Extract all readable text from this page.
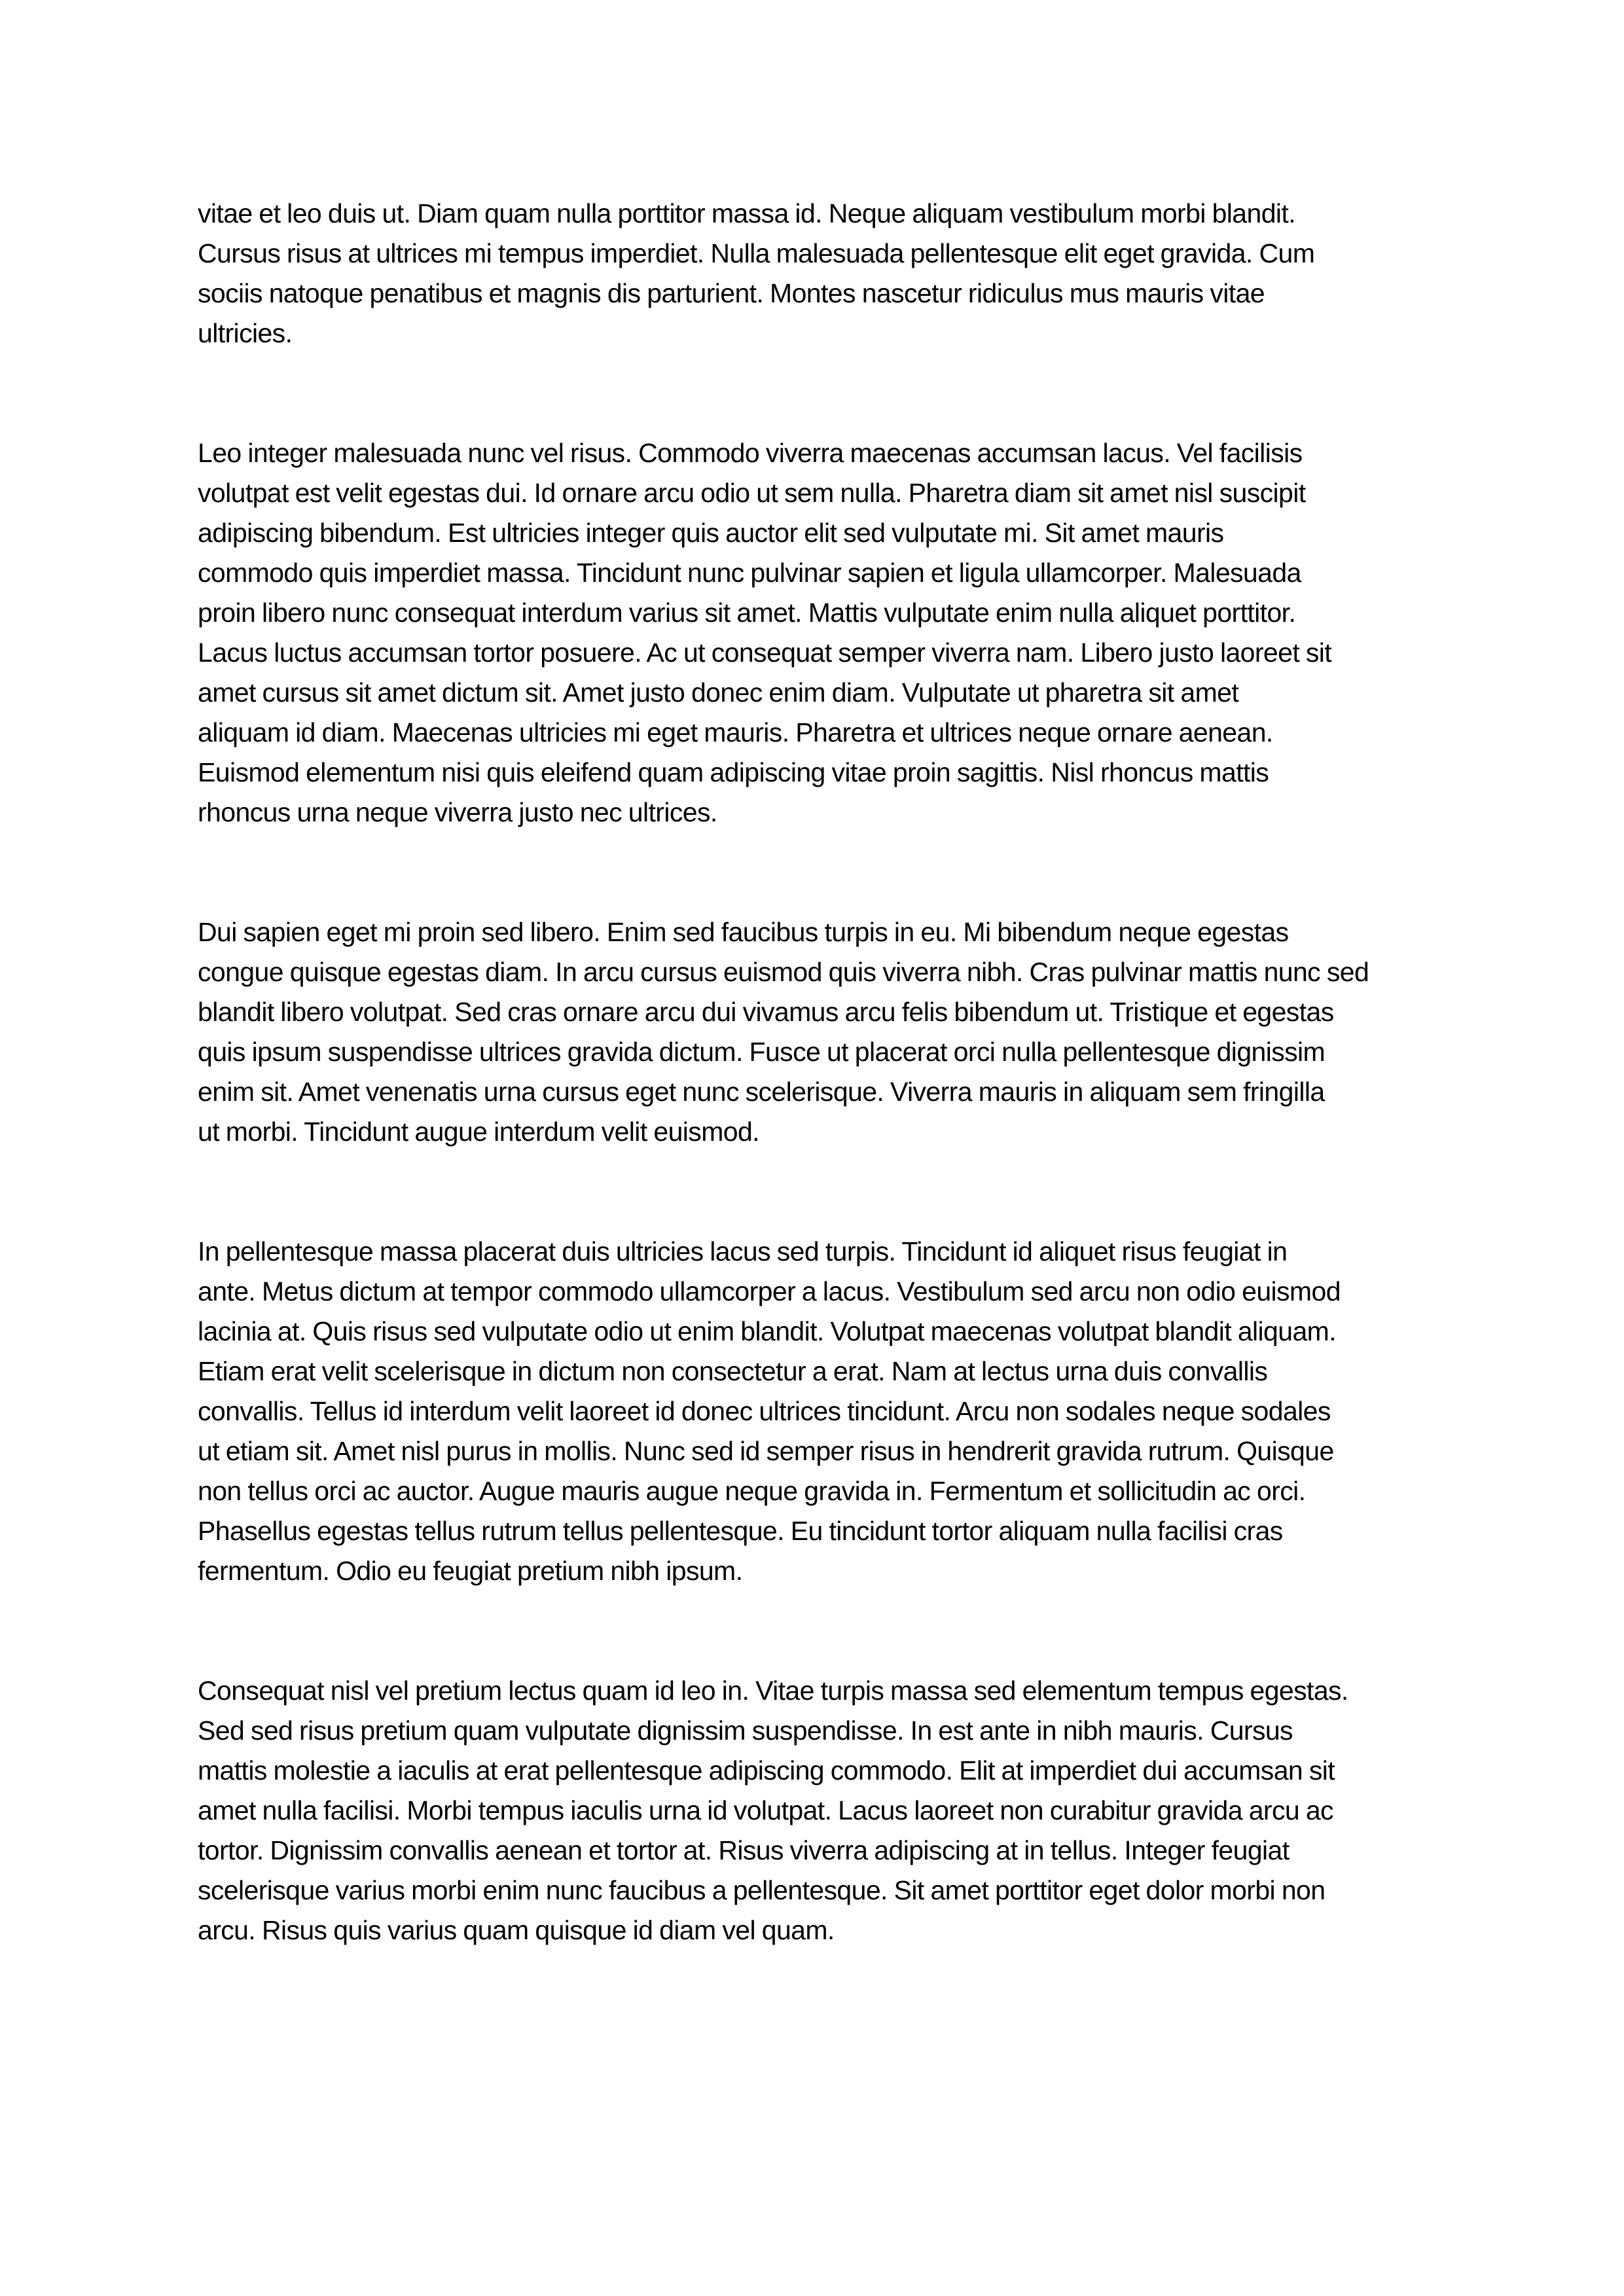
vitae et leo duis ut. Diam quam nulla porttitor massa id. Neque aliquam vestibulum morbi blandit.
Cursus risus at ultrices mi tempus imperdiet. Nulla malesuada pellentesque elit eget gravida. Cum
sociis natoque penatibus et magnis dis parturient. Montes nascetur ridiculus mus mauris vitae
ultricies.

Leo integer malesuada nunc vel risus. Commodo viverra maecenas accumsan lacus. Vel facilisis
volutpat est velit egestas dui. Id ornare arcu odio ut sem nulla. Pharetra diam sit amet nisl suscipit
adipiscing bibendum. Est ultricies integer quis auctor elit sed vulputate mi. Sit amet mauris
commodo quis imperdiet massa. Tincidunt nunc pulvinar sapien et ligula ullamcorper. Malesuada
proin libero nunc consequat interdum varius sit amet. Mattis vulputate enim nulla aliquet porttitor.
Lacus luctus accumsan tortor posuere. Ac ut consequat semper viverra nam. Libero justo laoreet sit
amet cursus sit amet dictum sit. Amet justo donec enim diam. Vulputate ut pharetra sit amet
aliquam id diam. Maecenas ultricies mi eget mauris. Pharetra et ultrices neque ornare aenean.
Euismod elementum nisi quis eleifend quam adipiscing vitae proin sagittis. Nisl rhoncus mattis
rhoncus urna neque viverra justo nec ultrices.

Dui sapien eget mi proin sed libero. Enim sed faucibus turpis in eu. Mi bibendum neque egestas
congue quisque egestas diam. In arcu cursus euismod quis viverra nibh. Cras pulvinar mattis nunc sed
blandit libero volutpat. Sed cras ornare arcu dui vivamus arcu felis bibendum ut. Tristique et egestas
quis ipsum suspendisse ultrices gravida dictum. Fusce ut placerat orci nulla pellentesque dignissim
enim sit. Amet venenatis urna cursus eget nunc scelerisque. Viverra mauris in aliquam sem fringilla
ut morbi. Tincidunt augue interdum velit euismod.

In pellentesque massa placerat duis ultricies lacus sed turpis. Tincidunt id aliquet risus feugiat in
ante. Metus dictum at tempor commodo ullamcorper a lacus. Vestibulum sed arcu non odio euismod
lacinia at. Quis risus sed vulputate odio ut enim blandit. Volutpat maecenas volutpat blandit aliquam.
Etiam erat velit scelerisque in dictum non consectetur a erat. Nam at lectus urna duis convallis
convallis. Tellus id interdum velit laoreet id donec ultrices tincidunt. Arcu non sodales neque sodales
ut etiam sit. Amet nisl purus in mollis. Nunc sed id semper risus in hendrerit gravida rutrum. Quisque
non tellus orci ac auctor. Augue mauris augue neque gravida in. Fermentum et sollicitudin ac orci.
Phasellus egestas tellus rutrum tellus pellentesque. Eu tincidunt tortor aliquam nulla facilisi cras
fermentum. Odio eu feugiat pretium nibh ipsum.

Consequat nisl vel pretium lectus quam id leo in. Vitae turpis massa sed elementum tempus egestas.
Sed sed risus pretium quam vulputate dignissim suspendisse. In est ante in nibh mauris. Cursus
mattis molestie a iaculis at erat pellentesque adipiscing commodo. Elit at imperdiet dui accumsan sit
amet nulla facilisi. Morbi tempus iaculis urna id volutpat. Lacus laoreet non curabitur gravida arcu ac
tortor. Dignissim convallis aenean et tortor at. Risus viverra adipiscing at in tellus. Integer feugiat
scelerisque varius morbi enim nunc faucibus a pellentesque. Sit amet porttitor eget dolor morbi non
arcu. Risus quis varius quam quisque id diam vel quam.
